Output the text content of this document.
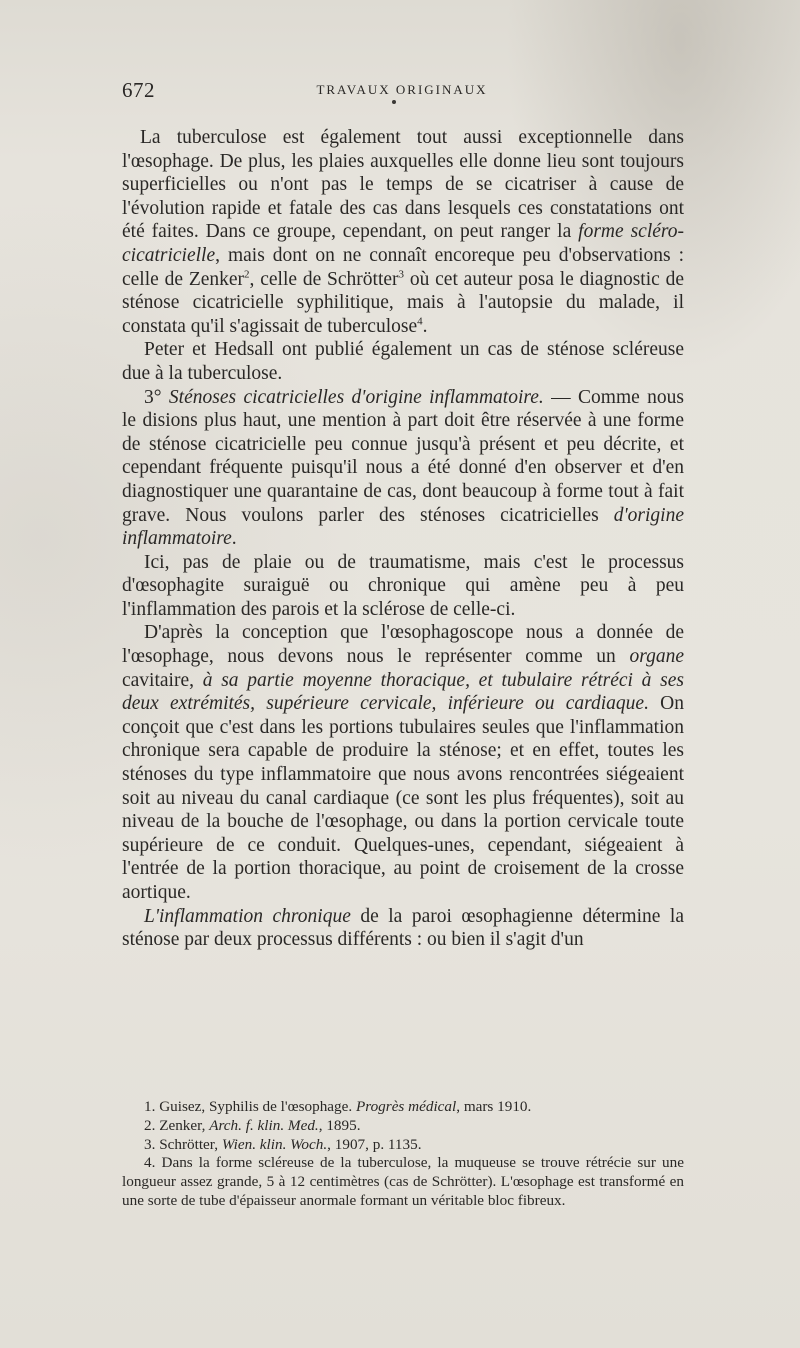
672	TRAVAUX ORIGINAUX

La tuberculose est également tout aussi exceptionnelle dans l'œsophage. De plus, les plaies auxquelles elle donne lieu sont toujours superficielles ou n'ont pas le temps de se cicatriser à cause de l'évolution rapide et fatale des cas dans lesquels ces constatations ont été faites. Dans ce groupe, cependant, on peut ranger la forme scléro-cicatricielle, mais dont on ne connaît encoreque peu d'observations : celle de Zenker$^2$, celle de Schrötter$^3$ où cet auteur posa le diagnostic de sténose cicatricielle syphilitique, mais à l'autopsie du malade, il constata qu'il s'agissait de tuberculose$^4$.

Peter et Hedsall ont publié également un cas de sténose scléreuse due à la tuberculose.

3° Sténoses cicatricielles d'origine inflammatoire. — Comme nous le disions plus haut, une mention à part doit être réservée à une forme de sténose cicatricielle peu connue jusqu'à présent et peu décrite, et cependant fréquente puisqu'il nous a été donné d'en observer et d'en diagnostiquer une quarantaine de cas, dont beaucoup à forme tout à fait grave. Nous voulons parler des sténoses cicatricielles d'origine inflammatoire.

Ici, pas de plaie ou de traumatisme, mais c'est le processus d'œsophagite suraiguë ou chronique qui amène peu à peu l'inflammation des parois et la sclérose de celle-ci.

D'après la conception que l'œsophagoscope nous a donnée de l'œsophage, nous devons nous le représenter comme un organe cavitaire, à sa partie moyenne thoracique, et tubulaire rétréci à ses deux extrémités, supérieure cervicale, inférieure ou cardiaque. On conçoit que c'est dans les portions tubulaires seules que l'inflammation chronique sera capable de produire la sténose; et en effet, toutes les sténoses du type inflammatoire que nous avons rencontrées siégeaient soit au niveau du canal cardiaque (ce sont les plus fréquentes), soit au niveau de la bouche de l'œsophage, ou dans la portion cervicale toute supérieure de ce conduit. Quelques-unes, cependant, siégeaient à l'entrée de la portion thoracique, au point de croisement de la crosse aortique.

L'inflammation chronique de la paroi œsophagienne détermine la sténose par deux processus différents : ou bien il s'agit d'un

1. Guisez, Syphilis de l'œsophage. Progrès médical, mars 1910.

2. Zenker, Arch. f. klin. Med., 1895.

3. Schrötter, Wien. klin. Woch., 1907, p. 1135.

4. Dans la forme scléreuse de la tuberculose, la muqueuse se trouve rétrécie sur une longueur assez grande, 5 à 12 centimètres (cas de Schrötter). L'œsophage est transformé en une sorte de tube d'épaisseur anormale formant un véritable bloc fibreux.
